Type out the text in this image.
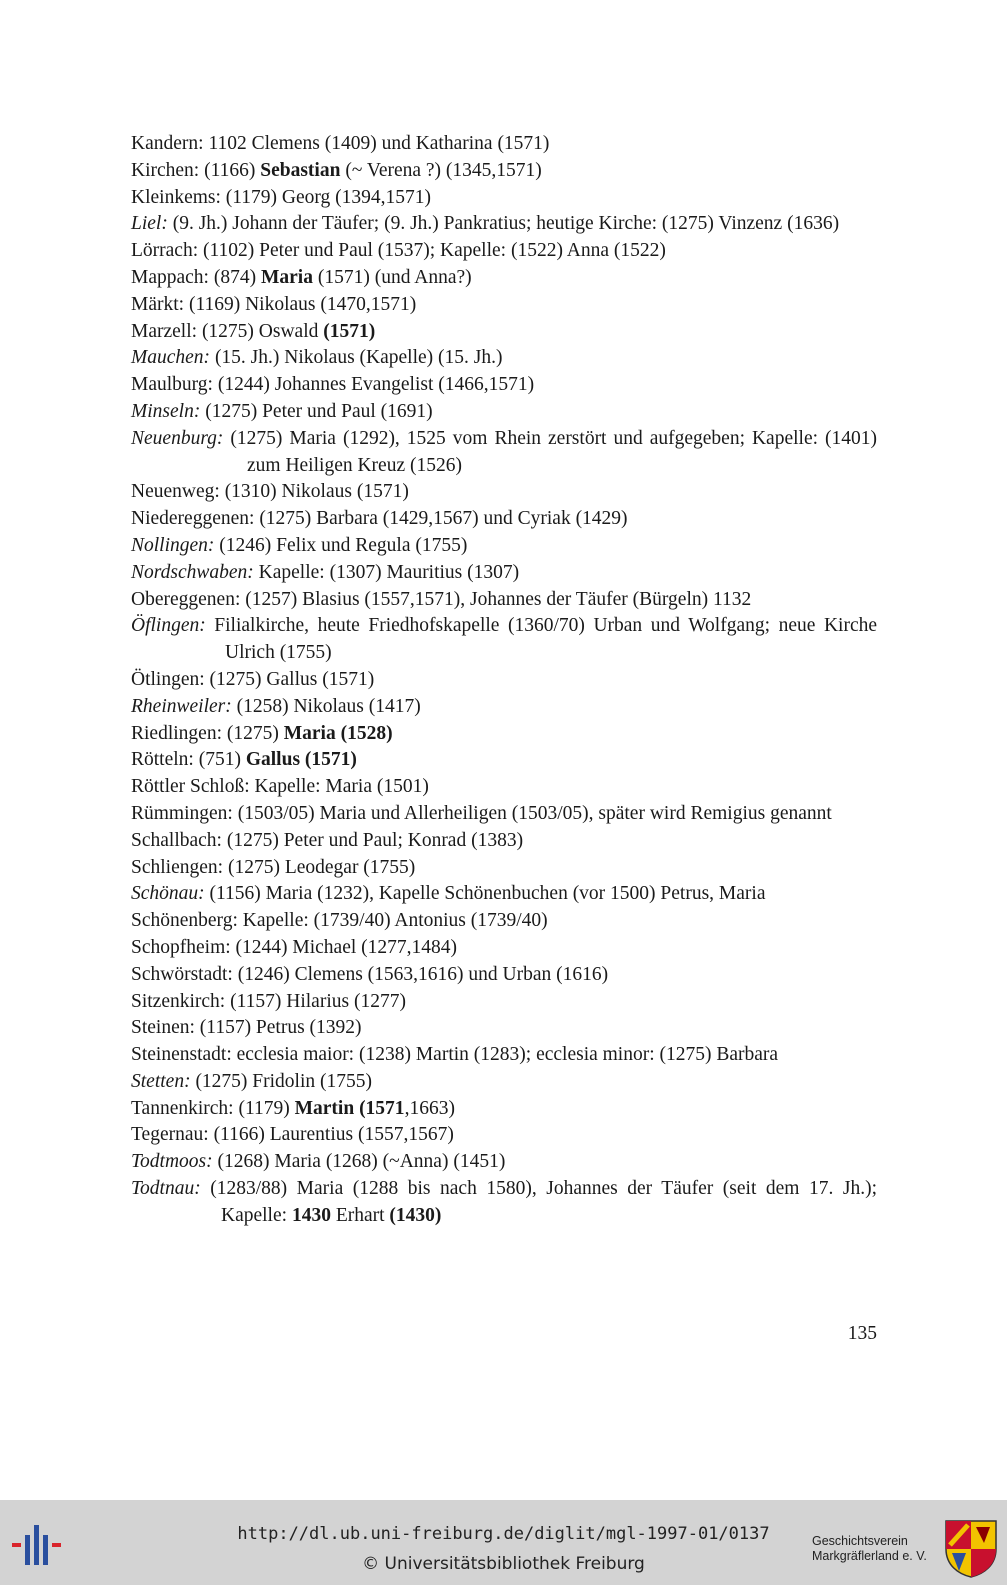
Kandern: 1102 Clemens (1409) und Katharina (1571)
Kirchen: (1166) Sebastian (~ Verena ?) (1345,1571)
Kleinkems: (1179) Georg (1394,1571)
Liel: (9. Jh.) Johann der Täufer; (9. Jh.) Pankratius; heutige Kirche: (1275) Vinzenz (1636)
Lörrach: (1102) Peter und Paul (1537); Kapelle: (1522) Anna (1522)
Mappach: (874) Maria (1571) (und Anna?)
Märkt: (1169) Nikolaus (1470,1571)
Marzell: (1275) Oswald (1571)
Mauchen: (15. Jh.) Nikolaus (Kapelle) (15. Jh.)
Maulburg: (1244) Johannes Evangelist (1466,1571)
Minseln: (1275) Peter und Paul (1691)
Neuenburg: (1275) Maria (1292), 1525 vom Rhein zerstört und aufgegeben; Kapelle: (1401) zum Heiligen Kreuz (1526)
Neuenweg: (1310) Nikolaus (1571)
Niedereggenen: (1275) Barbara (1429,1567) und Cyriak (1429)
Nollingen: (1246) Felix und Regula (1755)
Nordschwaben: Kapelle: (1307) Mauritius (1307)
Obereggenen: (1257) Blasius (1557,1571), Johannes der Täufer (Bürgeln) 1132
Öflingen: Filialkirche, heute Friedhofskapelle (1360/70) Urban und Wolfgang; neue Kirche Ulrich (1755)
Ötlingen: (1275) Gallus (1571)
Rheinweiler: (1258) Nikolaus (1417)
Riedlingen: (1275) Maria (1528)
Rötteln: (751) Gallus (1571)
Röttler Schloß: Kapelle: Maria (1501)
Rümmingen: (1503/05) Maria und Allerheiligen (1503/05), später wird Remigius genannt
Schallbach: (1275) Peter und Paul; Konrad (1383)
Schliengen: (1275) Leodegar (1755)
Schönau: (1156) Maria (1232), Kapelle Schönenbuchen (vor 1500) Petrus, Maria
Schönenberg: Kapelle: (1739/40) Antonius (1739/40)
Schopfheim: (1244) Michael (1277,1484)
Schwörstadt: (1246) Clemens (1563,1616) und Urban (1616)
Sitzenkirch: (1157) Hilarius (1277)
Steinen: (1157) Petrus (1392)
Steinenstadt: ecclesia maior: (1238) Martin (1283); ecclesia minor: (1275) Barbara
Stetten: (1275) Fridolin (1755)
Tannenkirch: (1179) Martin (1571,1663)
Tegernau: (1166) Laurentius (1557,1567)
Todtmoos: (1268) Maria (1268) (~Anna) (1451)
Todtnau: (1283/88) Maria (1288 bis nach 1580), Johannes der Täufer (seit dem 17. Jh.); Kapelle: 1430 Erhart (1430)
135
http://dl.ub.uni-freiburg.de/diglit/mgl-1997-01/0137
© Universitätsbibliothek Freiburg
Geschichtsverein
Markgräflerland e. V.
